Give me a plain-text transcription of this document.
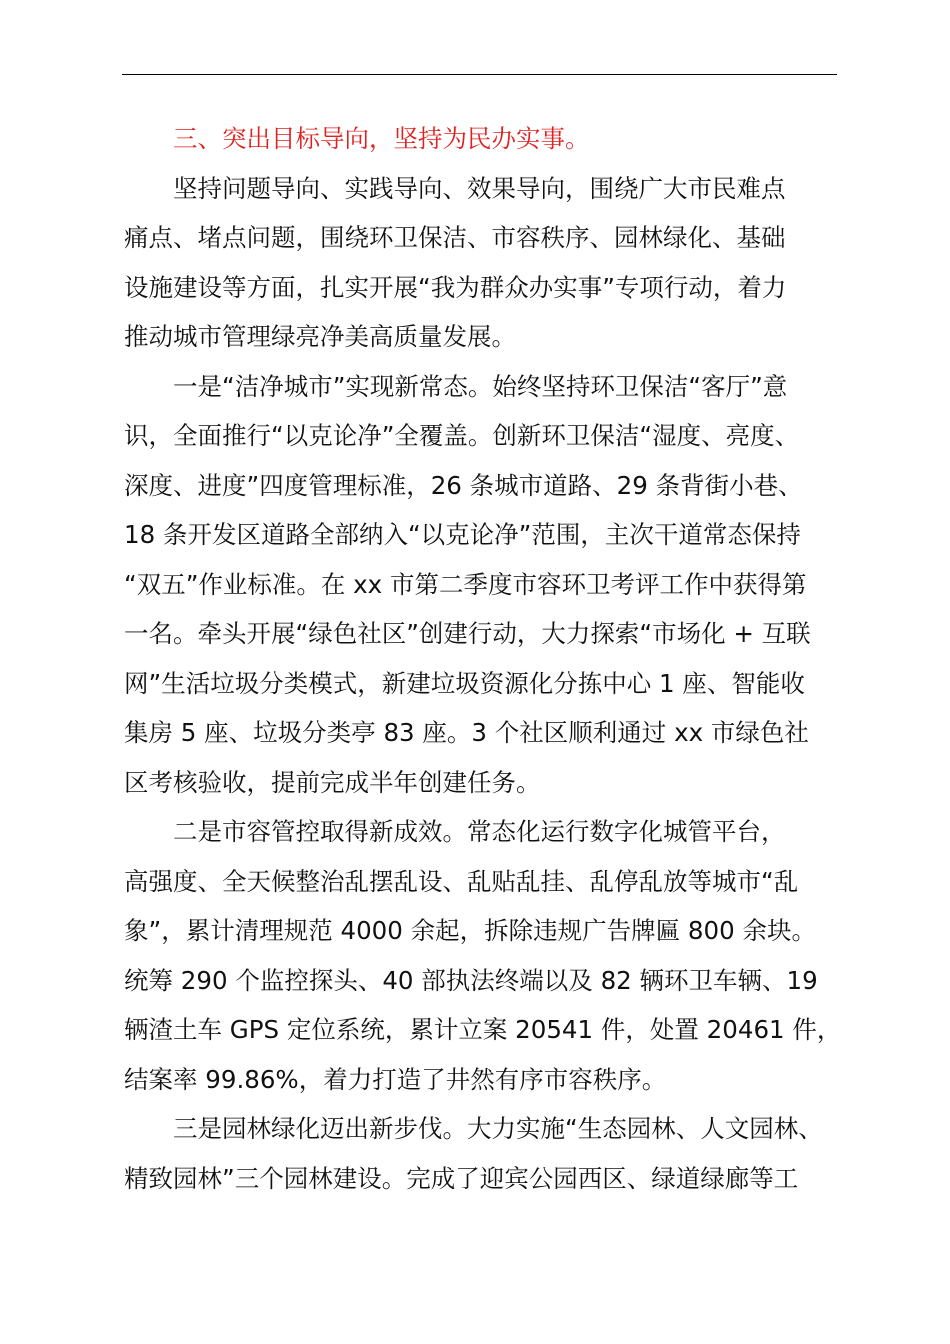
三、突出目标导向，坚持为民办实事。

坚持问题导向、实践导向、效果导向，围绕广大市民难点
痛点、堵点问题，围绕环卫保洁、市容秩序、园林绿化、基础
设施建设等方面，扎实开展“我为群众办实事”专项行动，着力
推动城市管理绿亮净美高质量发展。

一是“洁净城市”实现新常态。始终坚持环卫保洁“客厅”意
识，全面推行“以克论净”全覆盖。创新环卫保洁“湿度、亮度、
深度、进度”四度管理标准，26 条城市道路、29 条背街小巷、
18 条开发区道路全部纳入“以克论净”范围，主次干道常态保持
“双五”作业标准。在 xx 市第二季度市容环卫考评工作中获得第
一名。牵头开展“绿色社区”创建行动，大力探索“市场化 + 互联
网”生活垃圾分类模式，新建垃圾资源化分拣中心 1 座、智能收
集房 5 座、垃圾分类亭 83 座。3 个社区顺利通过 xx 市绿色社
区考核验收，提前完成半年创建任务。

二是市容管控取得新成效。常态化运行数字化城管平台，
高强度、全天候整治乱摆乱设、乱贴乱挂、乱停乱放等城市“乱
象”，累计清理规范 4000 余起，拆除违规广告牌匾 800 余块。
统筹 290 个监控探头、40 部执法终端以及 82 辆环卫车辆、19
辆渣土车 GPS 定位系统，累计立案 20541 件，处置 20461 件，
结案率 99.86%，着力打造了井然有序市容秩序。

三是园林绿化迈出新步伐。大力实施“生态园林、人文园林、
精致园林”三个园林建设。完成了迎宾公园西区、绿道绿廊等工
